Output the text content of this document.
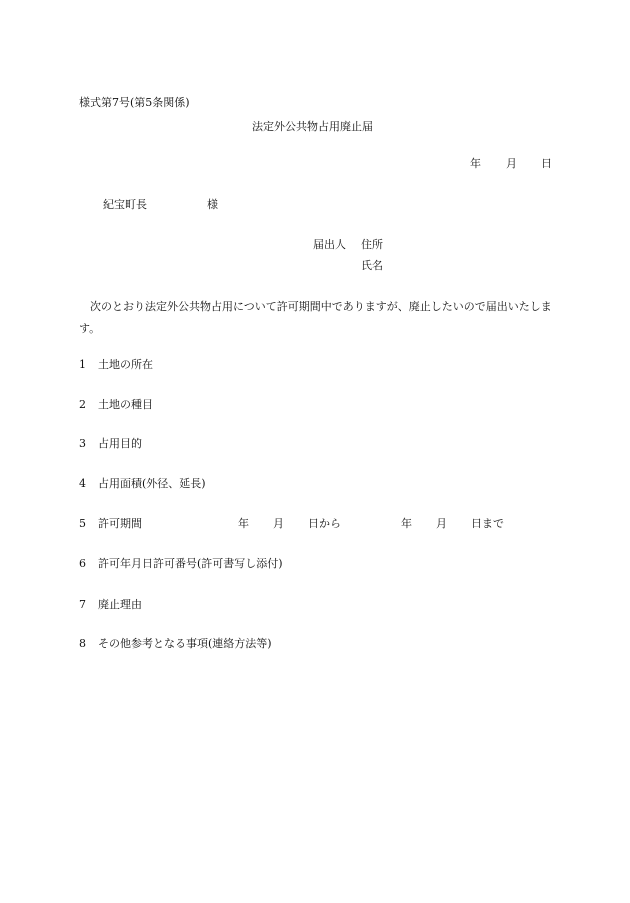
様式第7号(第5条関係)
法定外公共物占用廃止届
年 月 日
紀宝町長	様
届出人 住所
氏名
次のとおり法定外公共物占用について許可期間中でありますが、廃止したいので届出いたします。
1 土地の所在
2 土地の種目
3 占用目的
4 占用面積(外径、延長)
5 許可期間	年 月 日から	年 月 日まで
6 許可年月日許可番号(許可書写し添付)
7 廃止理由
8 その他参考となる事項(連絡方法等)
